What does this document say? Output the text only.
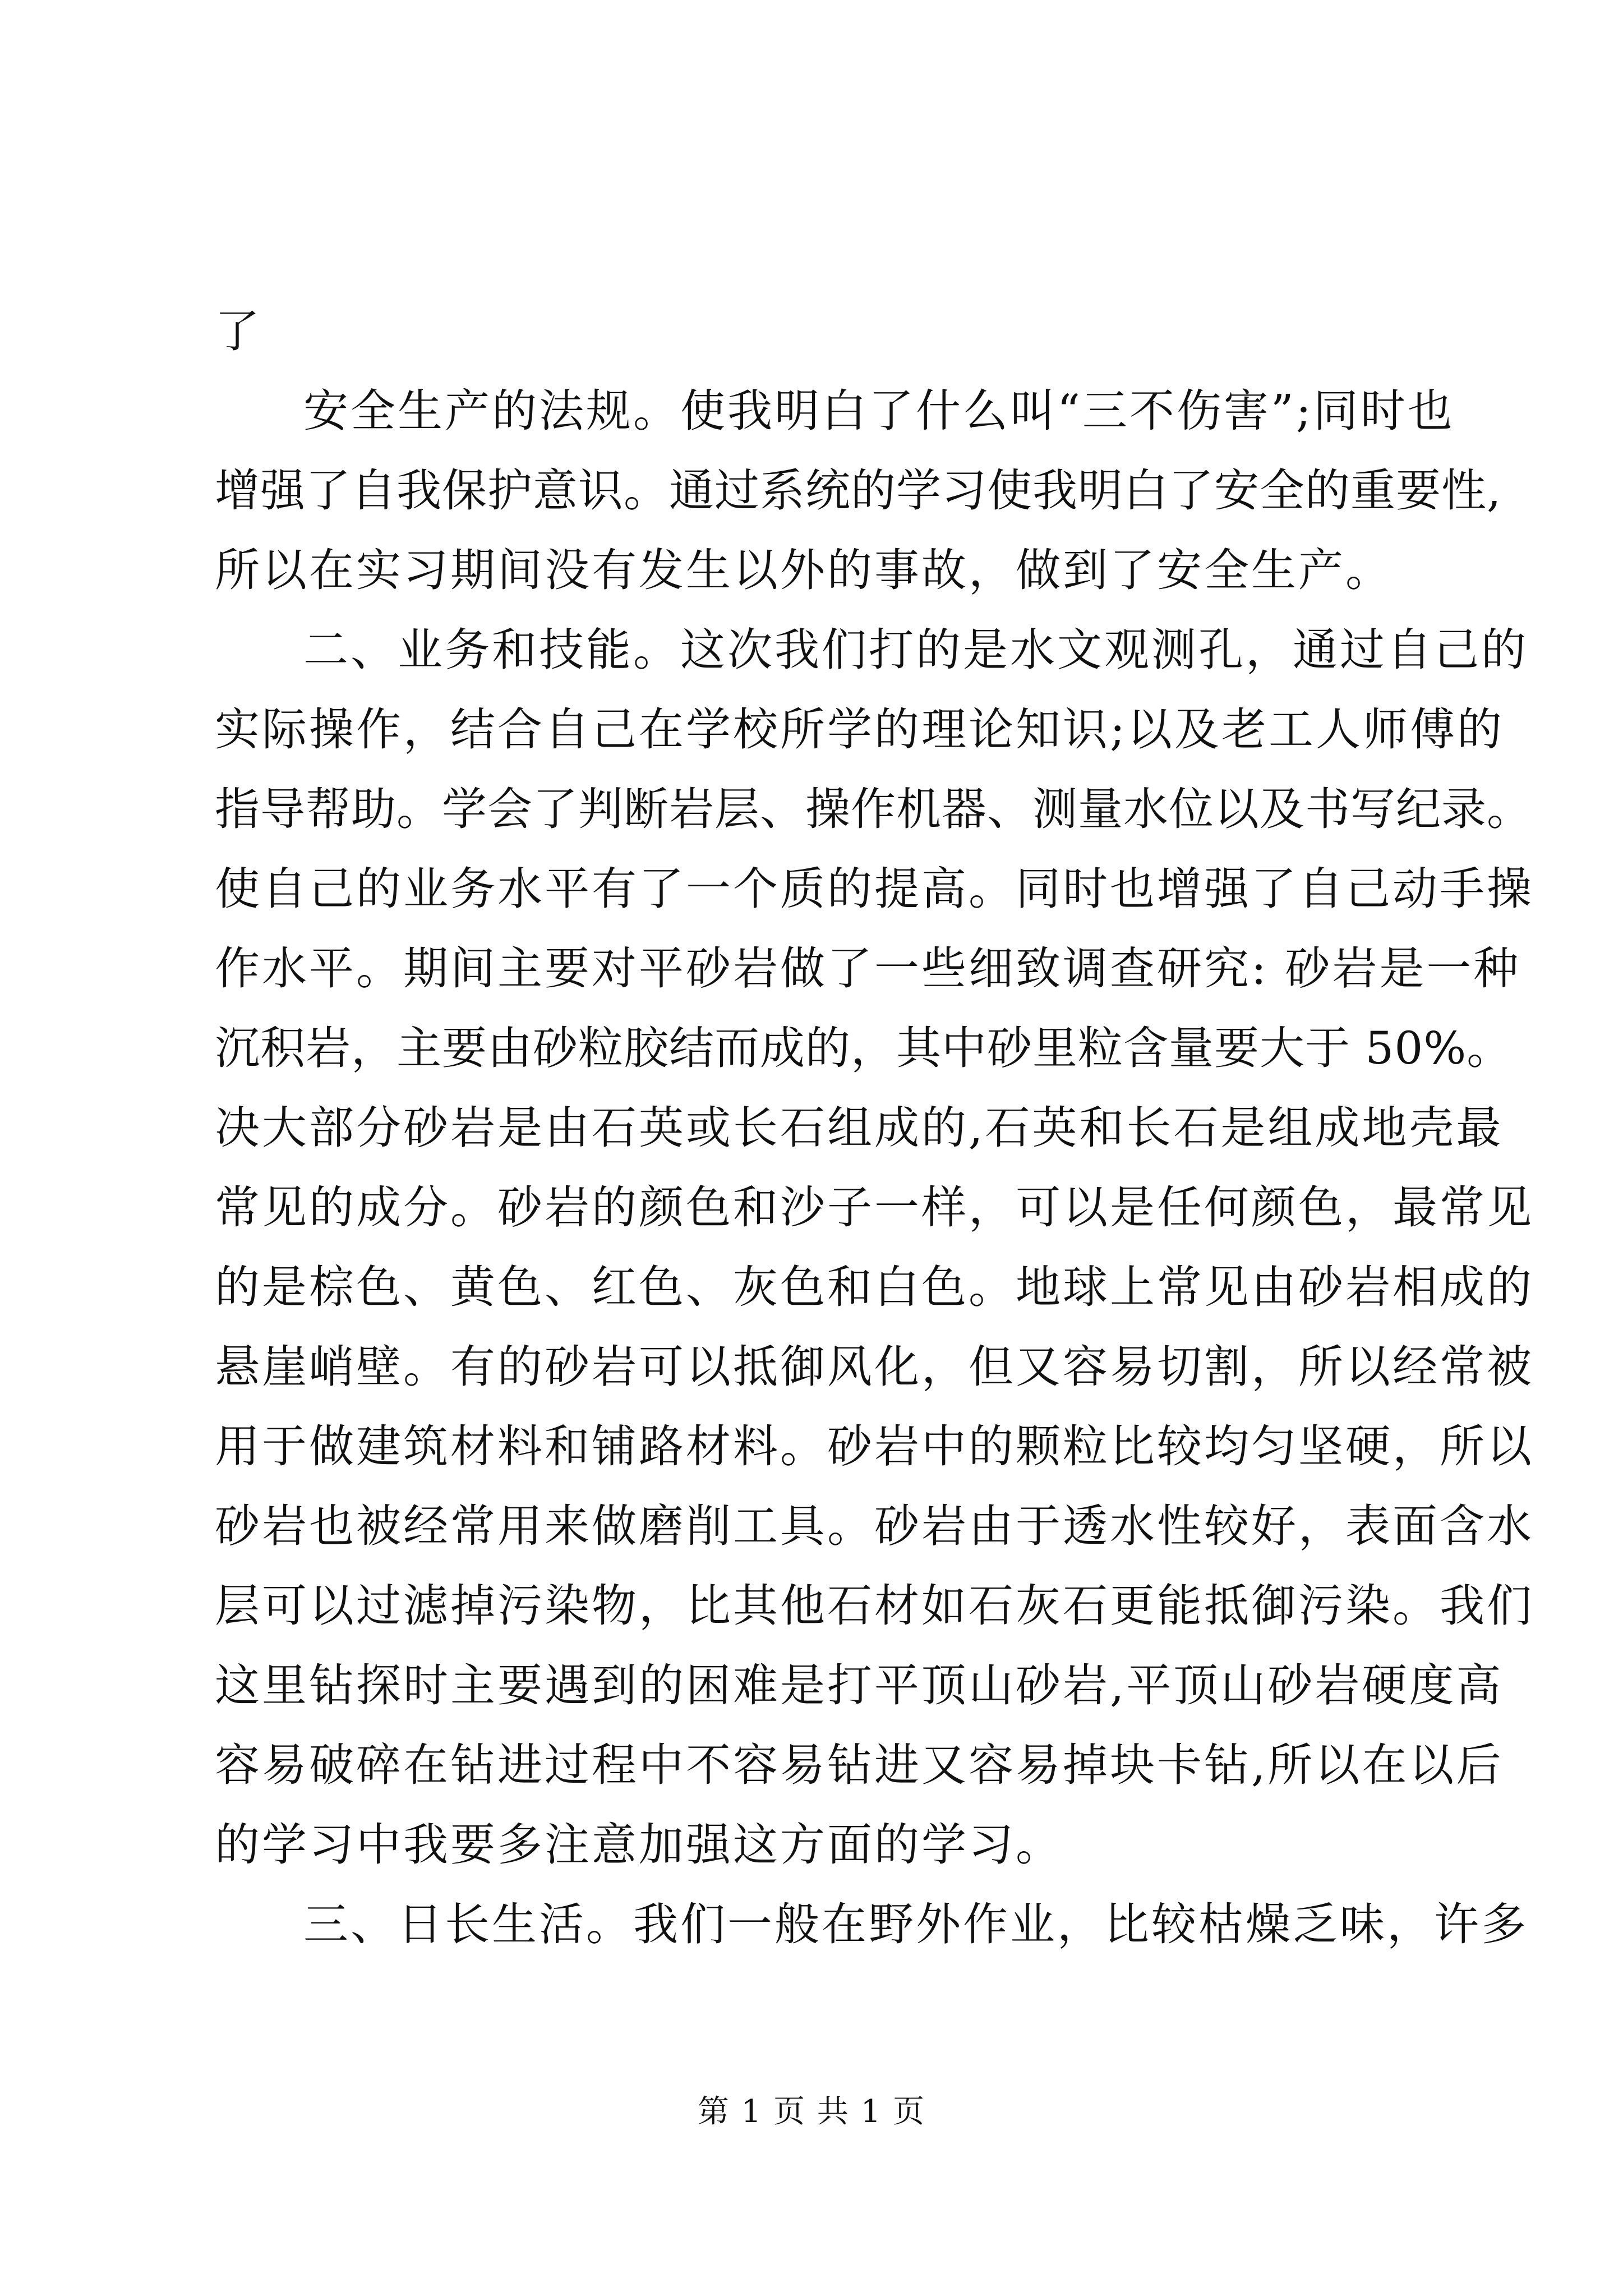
了
安全生产的法规。使我明白了什么叫“三不伤害”;同时也
增强了自我保护意识。通过系统的学习使我明白了安全的重要性,
所以在实习期间没有发生以外的事故，做到了安全生产。
二、业务和技能。这次我们打的是水文观测孔，通过自己的
实际操作，结合自己在学校所学的理论知识;以及老工人师傅的
指导帮助。学会了判断岩层、操作机器、测量水位以及书写纪录。
使自己的业务水平有了一个质的提高。同时也增强了自己动手操
作水平。期间主要对平砂岩做了一些细致调查研究: 砂岩是一种
沉积岩，主要由砂粒胶结而成的，其中砂里粒含量要大于 50%。
决大部分砂岩是由石英或长石组成的,石英和长石是组成地壳最
常见的成分。砂岩的颜色和沙子一样，可以是任何颜色，最常见
的是棕色、黄色、红色、灰色和白色。地球上常见由砂岩相成的
悬崖峭壁。有的砂岩可以抵御风化，但又容易切割，所以经常被
用于做建筑材料和铺路材料。砂岩中的颗粒比较均匀坚硬，所以
砂岩也被经常用来做磨削工具。砂岩由于透水性较好，表面含水
层可以过滤掉污染物，比其他石材如石灰石更能抵御污染。我们
这里钻探时主要遇到的困难是打平顶山砂岩,平顶山砂岩硬度高
容易破碎在钻进过程中不容易钻进又容易掉块卡钻,所以在以后
的学习中我要多注意加强这方面的学习。
三、日长生活。我们一般在野外作业，比较枯燥乏味，许多
第 1 页 共 1 页
